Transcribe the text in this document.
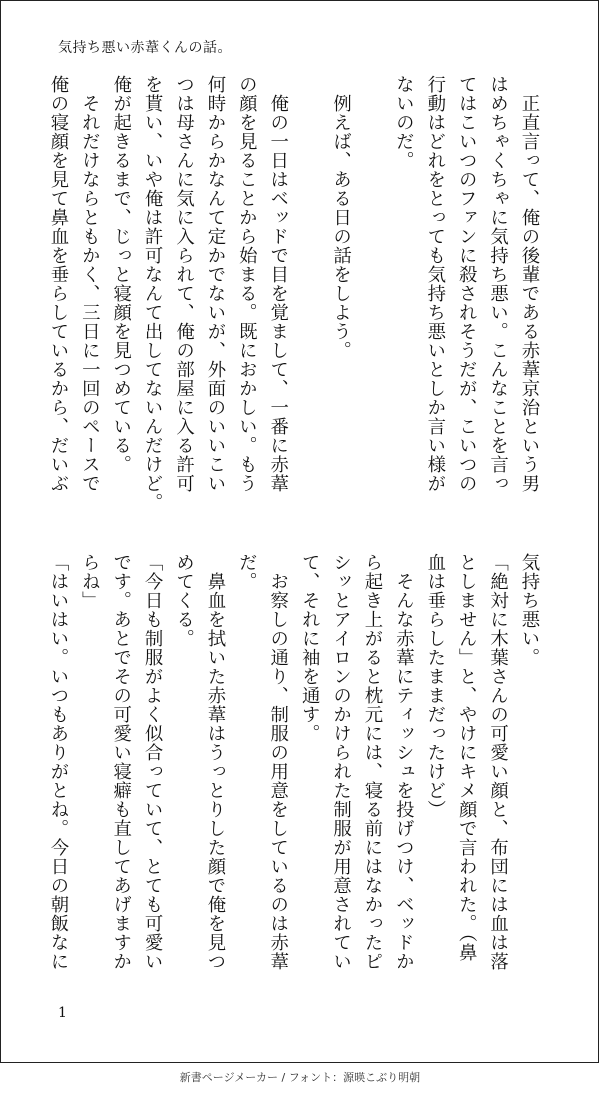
気持ち悪い赤葦くんの話。
　正直言って、俺の後輩である赤葦京治という男
はめちゃくちゃに気持ち悪い。こんなことを言っ
てはこいつのファンに殺されそうだが、こいつの
行動はどれをとっても気持ち悪いとしか言い様が
ないのだ。

　例えば、ある日の話をしよう。

　俺の一日はベッドで目を覚まして、一番に赤葦
の顔を見ることから始まる。既におかしい。もう
何時からかなんて定かでないが、外面のいいこい
つは母さんに気に入られて、俺の部屋に入る許可
を貰い、いや俺は許可なんて出してないんだけど。
俺が起きるまで、じっと寝顔を見つめている。
　それだけならともかく、三日に一回のペースで
俺の寝顔を見て鼻血を垂らしているから、だいぶ
気持ち悪い。
「絶対に木葉さんの可愛い顔と、布団には血は落
としません」と、やけにキメ顔で言われた。（鼻
血は垂らしたままだったけど）
　そんな赤葦にティッシュを投げつけ、ベッドか
ら起き上がると枕元には、寝る前にはなかったピ
シッとアイロンのかけられた制服が用意されてい
て、それに袖を通す。
　お察しの通り、制服の用意をしているのは赤葦
だ。
　鼻血を拭いた赤葦はうっとりした顔で俺を見つ
めてくる。
「今日も制服がよく似合っていて、とても可愛い
です。あとでその可愛い寝癖も直してあげますか
らね」
「はいはい。いつもありがとね。今日の朝飯なに
1
新書ページメーカー / フォント：源暎こぶり明朝
